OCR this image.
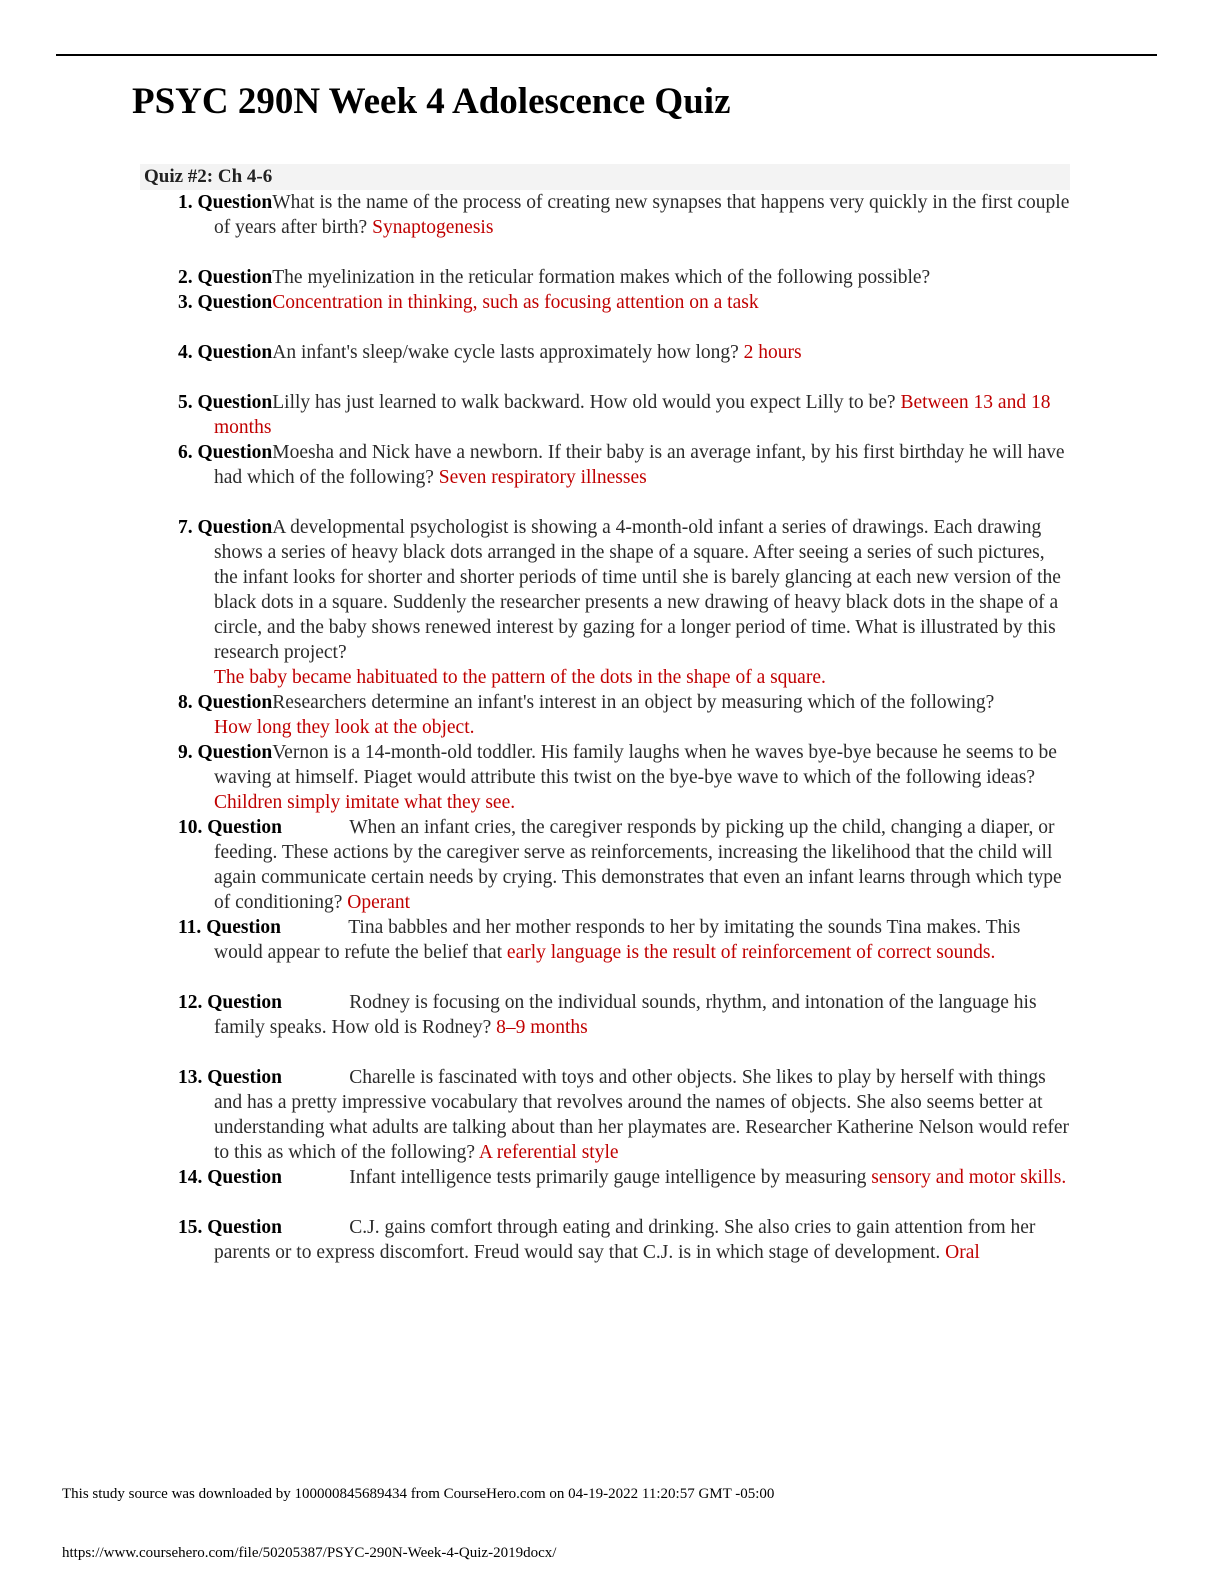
PSYC 290N Week 4 Adolescence Quiz
Quiz #2: Ch 4-6
1. QuestionWhat is the name of the process of creating new synapses that happens very quickly in the first couple of years after birth? Synaptogenesis
2. QuestionThe myelinization in the reticular formation makes which of the following possible?
3. QuestionConcentration in thinking, such as focusing attention on a task
4. QuestionAn infant's sleep/wake cycle lasts approximately how long? 2 hours
5. QuestionLilly has just learned to walk backward. How old would you expect Lilly to be? Between 13 and 18 months
6. QuestionMoesha and Nick have a newborn. If their baby is an average infant, by his first birthday he will have had which of the following? Seven respiratory illnesses
7. QuestionA developmental psychologist is showing a 4-month-old infant a series of drawings. Each drawing shows a series of heavy black dots arranged in the shape of a square. After seeing a series of such pictures, the infant looks for shorter and shorter periods of time until she is barely glancing at each new version of the black dots in a square. Suddenly the researcher presents a new drawing of heavy black dots in the shape of a circle, and the baby shows renewed interest by gazing for a longer period of time. What is illustrated by this research project?
The baby became habituated to the pattern of the dots in the shape of a square.
8. QuestionResearchers determine an infant's interest in an object by measuring which of the following?
How long they look at the object.
9. QuestionVernon is a 14-month-old toddler. His family laughs when he waves bye-bye because he seems to be waving at himself. Piaget would attribute this twist on the bye-bye wave to which of the following ideas?
Children simply imitate what they see.
10. Question	When an infant cries, the caregiver responds by picking up the child, changing a diaper, or feeding. These actions by the caregiver serve as reinforcements, increasing the likelihood that the child will again communicate certain needs by crying. This demonstrates that even an infant learns through which type of conditioning? Operant
11. Question	Tina babbles and her mother responds to her by imitating the sounds Tina makes. This would appear to refute the belief that early language is the result of reinforcement of correct sounds.
12. Question	Rodney is focusing on the individual sounds, rhythm, and intonation of the language his family speaks. How old is Rodney? 8–9 months
13. Question	Charelle is fascinated with toys and other objects. She likes to play by herself with things and has a pretty impressive vocabulary that revolves around the names of objects. She also seems better at understanding what adults are talking about than her playmates are. Researcher Katherine Nelson would refer to this as which of the following? A referential style
14. Question	Infant intelligence tests primarily gauge intelligence by measuring sensory and motor skills.
15. Question	C.J. gains comfort through eating and drinking. She also cries to gain attention from her parents or to express discomfort. Freud would say that C.J. is in which stage of development. Oral
This study source was downloaded by 100000845689434 from CourseHero.com on 04-19-2022 11:20:57 GMT -05:00
https://www.coursehero.com/file/50205387/PSYC-290N-Week-4-Quiz-2019docx/
